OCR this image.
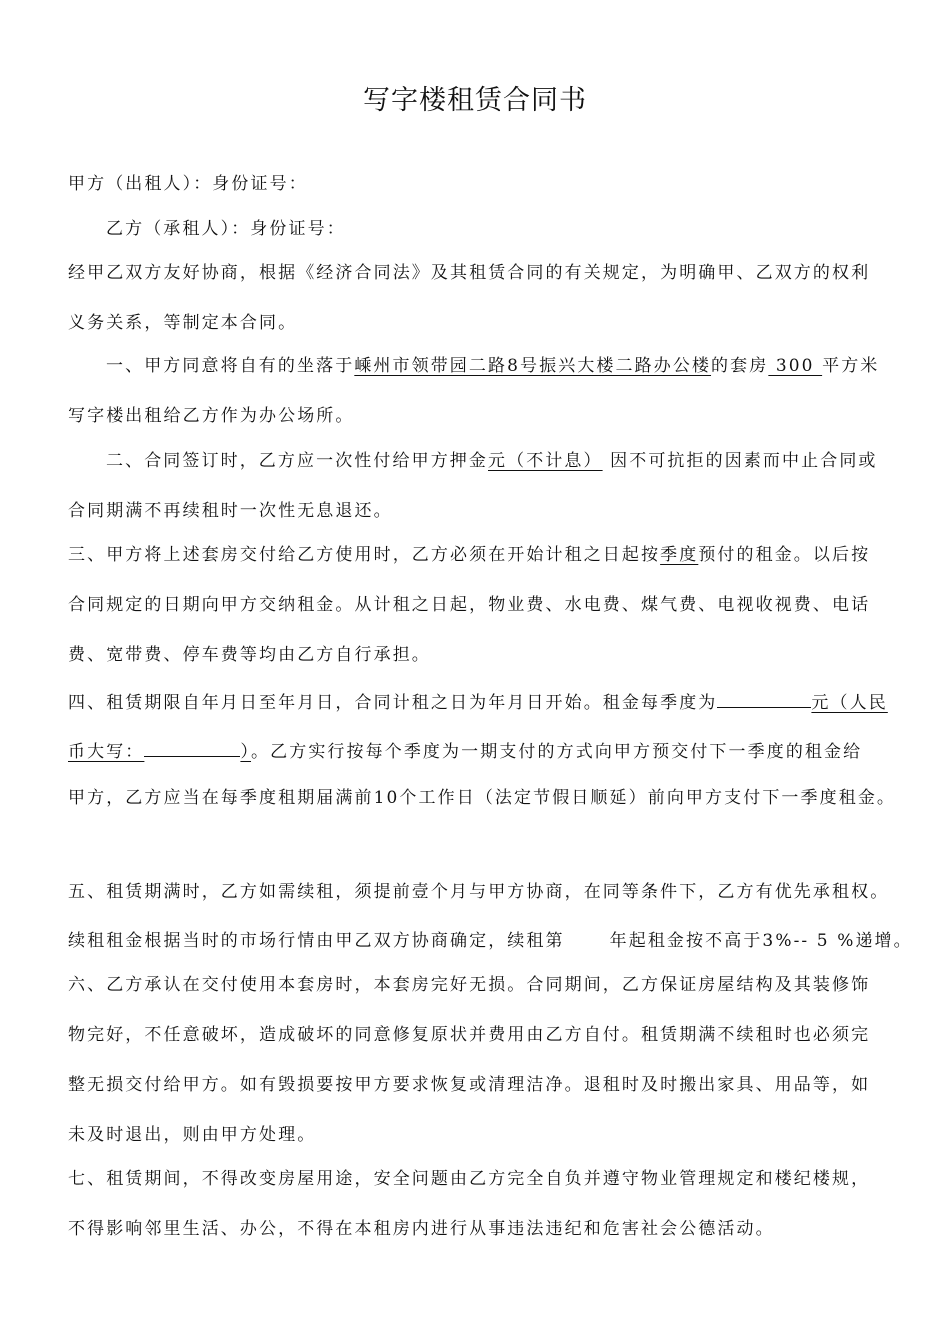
写字楼租赁合同书
甲方（出租人）：身份证号：
乙方（承租人）：身份证号：
经甲乙双方友好协商，根据《经济合同法》及其租赁合同的有关规定，为明确甲、乙双方的权利
义务关系，等制定本合同。
一、甲方同意将自有的坐落于嵊州市领带园二路8号振兴大楼二路办公楼的套房 300 平方米
写字楼出租给乙方作为办公场所。
二、合同签订时，乙方应一次性付给甲方押金元（不计息） 因不可抗拒的因素而中止合同或
合同期满不再续租时一次性无息退还。
三、甲方将上述套房交付给乙方使用时，乙方必须在开始计租之日起按季度预付的租金。以后按
合同规定的日期向甲方交纳租金。从计租之日起，物业费、水电费、煤气费、电视收视费、电话
费、宽带费、停车费等均由乙方自行承担。
四、租赁期限自年月日至年月日，合同计租之日为年月日开始。租金每季度为	元（人民
币大写：	）。乙方实行按每个季度为一期支付的方式向甲方预交付下一季度的租金给
甲方，乙方应当在每季度租期届满前10个工作日（法定节假日顺延）前向甲方支付下一季度租金。
五、租赁期满时，乙方如需续租，须提前壹个月与甲方协商，在同等条件下，乙方有优先承租权。
续租租金根据当时的市场行情由甲乙双方协商确定，续租第      年起租金按不高于3%-- 5 %递增。
六、乙方承认在交付使用本套房时，本套房完好无损。合同期间，乙方保证房屋结构及其装修饰
物完好，不任意破坏，造成破坏的同意修复原状并费用由乙方自付。租赁期满不续租时也必须完
整无损交付给甲方。如有毁损要按甲方要求恢复或清理洁净。退租时及时搬出家具、用品等，如
未及时退出，则由甲方处理。
七、租赁期间，不得改变房屋用途，安全问题由乙方完全自负并遵守物业管理规定和楼纪楼规，
不得影响邻里生活、办公，不得在本租房内进行从事违法违纪和危害社会公德活动。
